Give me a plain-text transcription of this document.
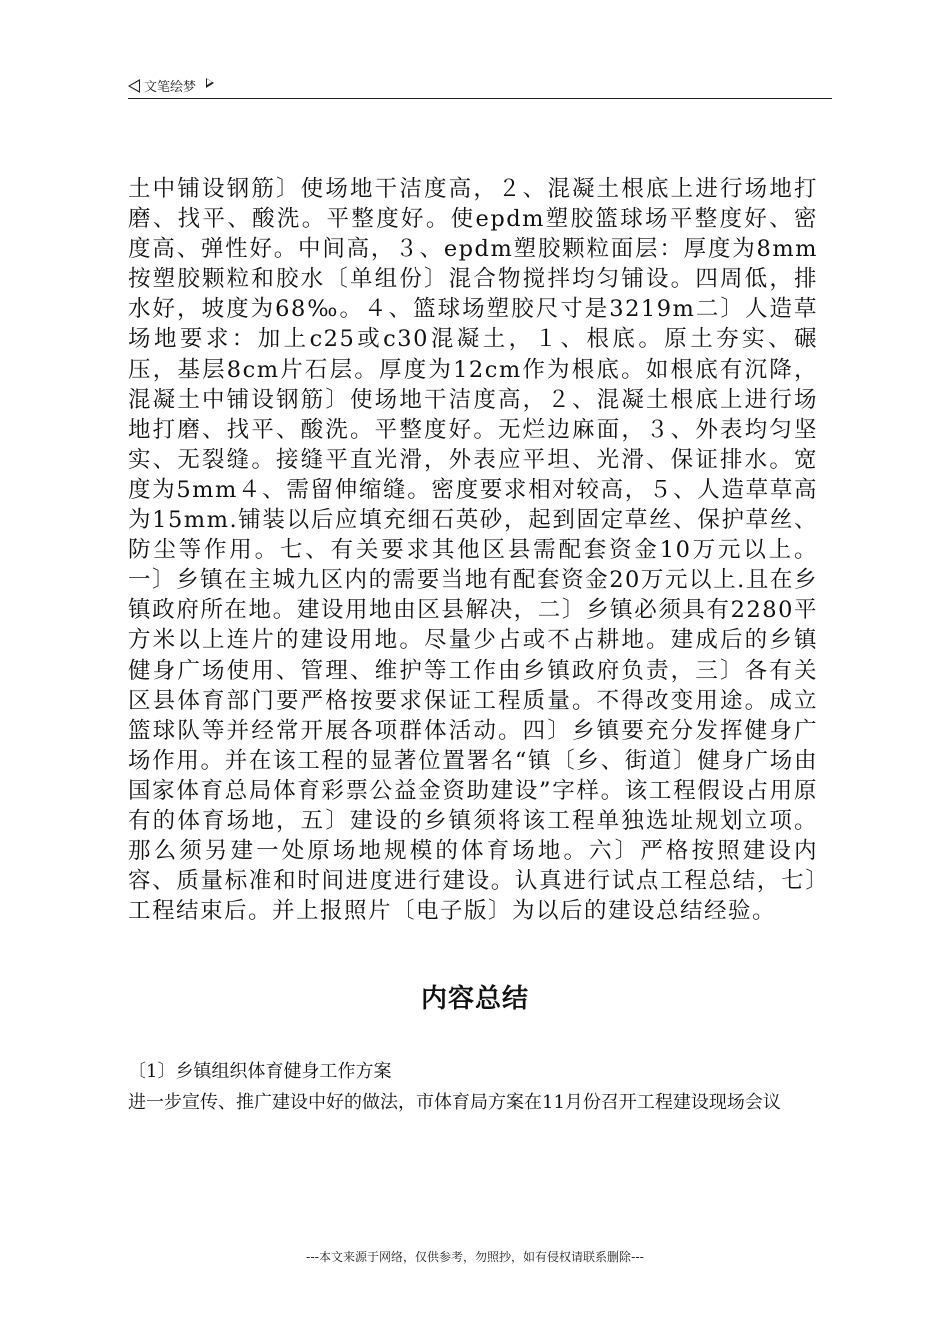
文笔绘梦

土中铺设钢筋〕使场地干洁度高，２、混凝土根底上进行场地打磨、找平、酸洗。平整度好。使epdm塑胶篮球场平整度好、密度高、弹性好。中间高，３、epdm塑胶颗粒面层：厚度为8mm按塑胶颗粒和胶水〔单组份〕混合物搅拌均匀铺设。四周低，排水好，坡度为68‰。４、篮球场塑胶尺寸是3219m二〕人造草场地要求：加上c25或c30混凝土，１、根底。原土夯实、碾压，基层8cm片石层。厚度为12cm作为根底。如根底有沉降，混凝土中铺设钢筋〕使场地干洁度高，２、混凝土根底上进行场地打磨、找平、酸洗。平整度好。无烂边麻面，３、外表均匀坚实、无裂缝。接缝平直光滑，外表应平坦、光滑、保证排水。宽度为5mm４、需留伸缩缝。密度要求相对较高，５、人造草草高为15mm.铺装以后应填充细石英砂，起到固定草丝、保护草丝、防尘等作用。七、有关要求其他区县需配套资金10万元以上。一〕乡镇在主城九区内的需要当地有配套资金20万元以上.且在乡镇政府所在地。建设用地由区县解决，二〕乡镇必须具有2280平方米以上连片的建设用地。尽量少占或不占耕地。建成后的乡镇健身广场使用、管理、维护等工作由乡镇政府负责，三〕各有关区县体育部门要严格按要求保证工程质量。不得改变用途。成立篮球队等并经常开展各项群体活动。四〕乡镇要充分发挥健身广场作用。并在该工程的显著位置署名“镇〔乡、街道〕健身广场由国家体育总局体育彩票公益金资助建设”字样。该工程假设占用原有的体育场地，五〕建设的乡镇须将该工程单独选址规划立项。那么须另建一处原场地规模的体育场地。六〕严格按照建设内容、质量标准和时间进度进行建设。认真进行试点工程总结，七〕工程结束后。并上报照片〔电子版〕为以后的建设总结经验。

内容总结

〔1〕乡镇组织体育健身工作方案

进一步宣传、推广建设中好的做法，市体育局方案在11月份召开工程建设现场会议

---本文来源于网络，仅供参考，勿照抄，如有侵权请联系删除---
